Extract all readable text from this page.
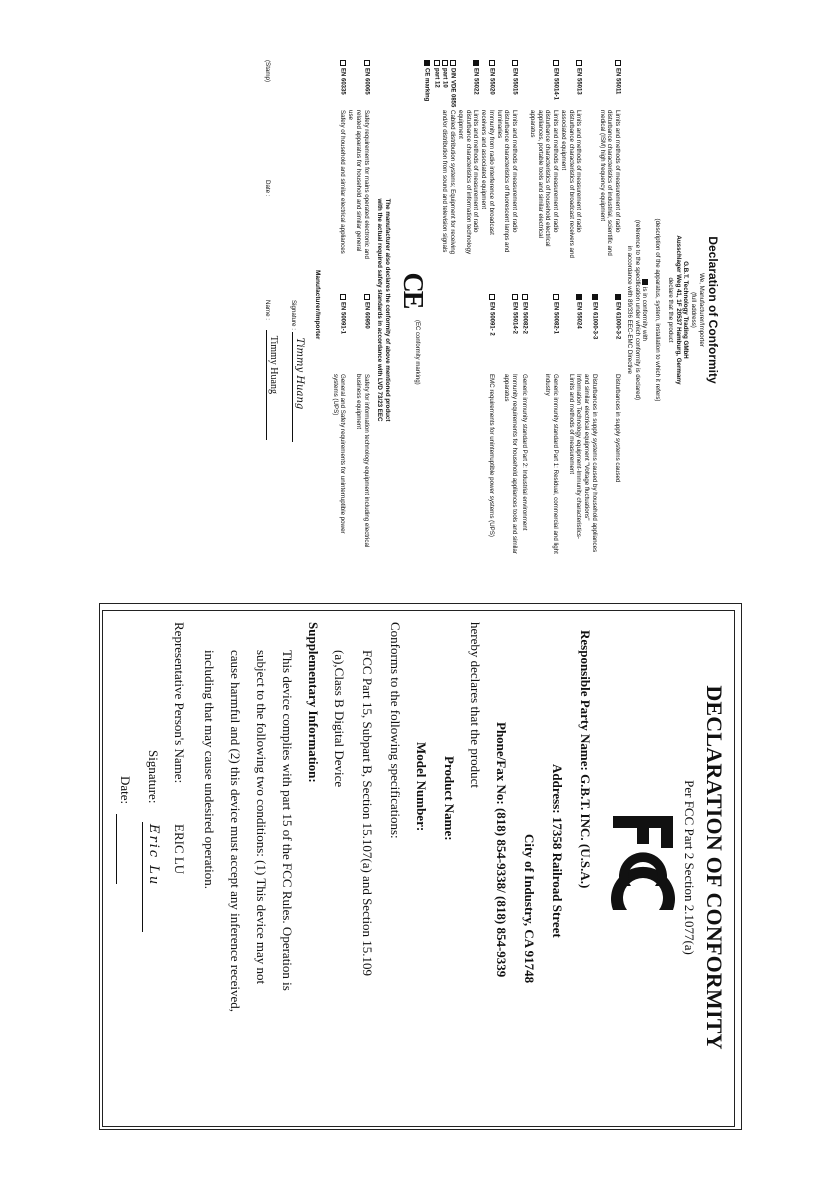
Declaration of Conformity

We, Manufacturer/Importer
(full address)
G.B.T. Technology Trading GMbH
Ausschlager Weg 41, 1F 20537 Hamburg, Germany
declare that the product
(description of the apparatus, system, installation to which it refers)
is in conformity with
(reference to the specification under which conformity is declared)
in accordance with 89/336 EEC-EMC Directive
EN 55011
Limits and methods of measurement of radio disturbance characteristics of industrial, scientific and medical (ISM) high frequency equipment
EN 61000-3-2
Disturbances in supply systems caused
EN 61000-3-3
Disturbances in supply systems caused by household appliances and similar electrical equipment "Voltage fluctuations"
EN 55013
Limits and methods of measurement of radio disturbance characteristics of broadcast receivers and associated equipment
EN 55024
Information Technology equipment-Immunity characteristics-Limits and methods of measurement
EN 55014-1
Limits and methods of measurement of radio disturbance characteristics of household electrical appliances, portable tools and similar electrical apparatus
EN 50082-1
Generic immunity standard Part 1: Residual, commercial and light industry
EN 50082-2
Generic immunity standard Part 2: Industrial environment
EN 55015
Limits and methods of measurement of radio disturbance characteristics of fluorescent lamps and luminaries
EN 55014-2
Immunity requirements for household appliances tools and similar apparatus
EN 55020
Immunity from radio interference of broadcast receivers and associated equipment
EN 50091- 2
EMC requirements for uninterruptible power systems (UPS)
EN 55022
Limits and methods of measurement of radio disturbance characteristics of information technology equipment
DIN VDE 0855
part 10
part 12
Cabled distribution systems; Equipment for receiving and/or distribution from sound and television signals
CE marking
CE
(EC conformity marking)
The manufacturer also declares the conformity of above mentioned product
with the actual required safety standards in accordance with LVD 73/23 EEC
EN 60065
Safety requirements for mains operated electronic and related apparatus for household and similar general use
EN 60950
Safety for information technology equipment including electrical business equipment
EN 60335
Safety of household and similar electrical appliances
EN 50091-1
General and Safety requirements for uninterruptible power systems (UPS)
Manufacturer/Importer
Signature :
Timmy Huang
(Stamp)
Date :
Name :
Timmy Huang
DECLARATION OF CONFORMITY
Per FCC Part 2 Section 2.1077(a)
Responsible Party Name: G.B.T. INC. (U.S.A.)
Address: 17358 Railroad Street
City of Industry, CA 91748
Phone/Fax No: (818) 854-9338/ (818) 854-9339
hereby declares that the product
Product Name:
Model Number:
Conforms to the following specifications:
FCC Part 15, Subpart B, Section 15.107(a) and Section 15.109
(a),Class B Digital Device
Supplementary Information:
This device complies with part 15 of the FCC Rules. Operation is
subject to the following two conditions: (1) This device may not
cause harmful and (2) this device must accept any inference received,
including that may cause undesired operation.
Representative Person's Name:
ERIC LU
Signature:
Eric Lu
Date:
